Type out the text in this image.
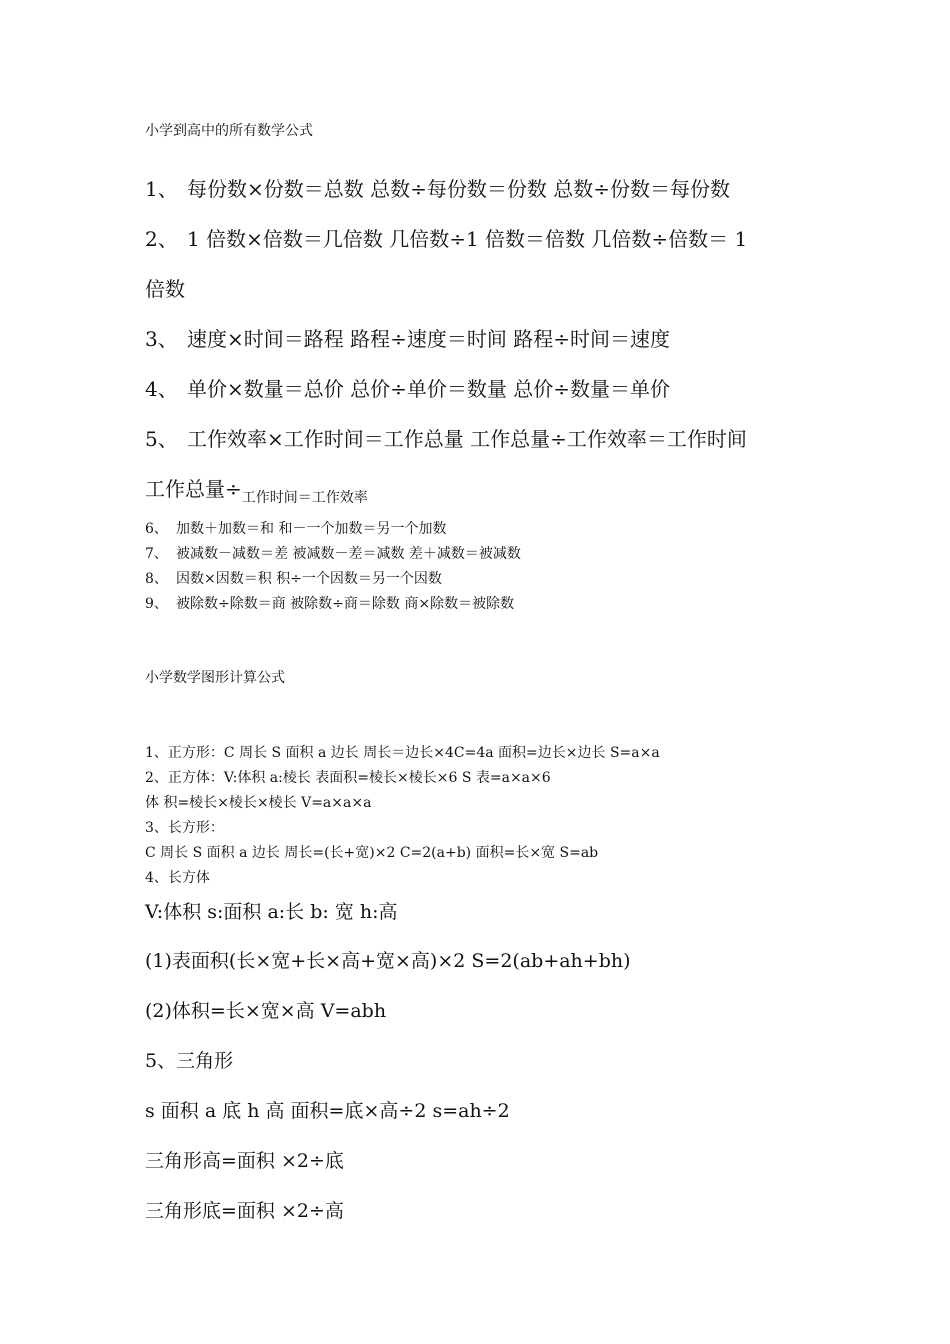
小学到高中的所有数学公式
1、 每份数×份数＝总数 总数÷每份数＝份数 总数÷份数＝每份数
2、 1 倍数×倍数＝几倍数 几倍数÷1 倍数＝倍数 几倍数÷倍数＝ 1
倍数
3、 速度×时间＝路程 路程÷速度＝时间 路程÷时间＝速度
4、 单价×数量＝总价 总价÷单价＝数量 总价÷数量＝单价
5、 工作效率×工作时间＝工作总量 工作总量÷工作效率＝工作时间
工作总量$\div_{工作时间=工作效率}$
6、 加数＋加数＝和 和－一个加数＝另一个加数
7、 被减数－减数＝差 被减数－差＝减数 差＋减数＝被减数
8、 因数×因数＝积 积÷一个因数＝另一个因数
9、 被除数÷除数＝商 被除数÷商＝除数 商×除数＝被除数
小学数学图形计算公式
1、正方形：C 周长 S 面积 a 边长 周长＝边长×4C=4a 面积=边长×边长 S=a×a
2、正方体：V:体积 a:棱长 表面积=棱长×棱长×6 S 表=a×a×6
体 积=棱长×棱长×棱长 V=a×a×a
3、长方形：
C 周长 S 面积 a 边长 周长=(长+宽)×2 C=2(a+b) 面积=长×宽 S=ab
4、长方体
V:体积 s:面积 a:长 b: 宽 h:高
(1)表面积(长×宽+长×高+宽×高)×2 S=2(ab+ah+bh)
(2)体积=长×宽×高 V=abh
5、三角形
s 面积 a 底 h 高 面积=底×高÷2 s=ah÷2
三角形高=面积 ×2÷底
三角形底=面积 ×2÷高
